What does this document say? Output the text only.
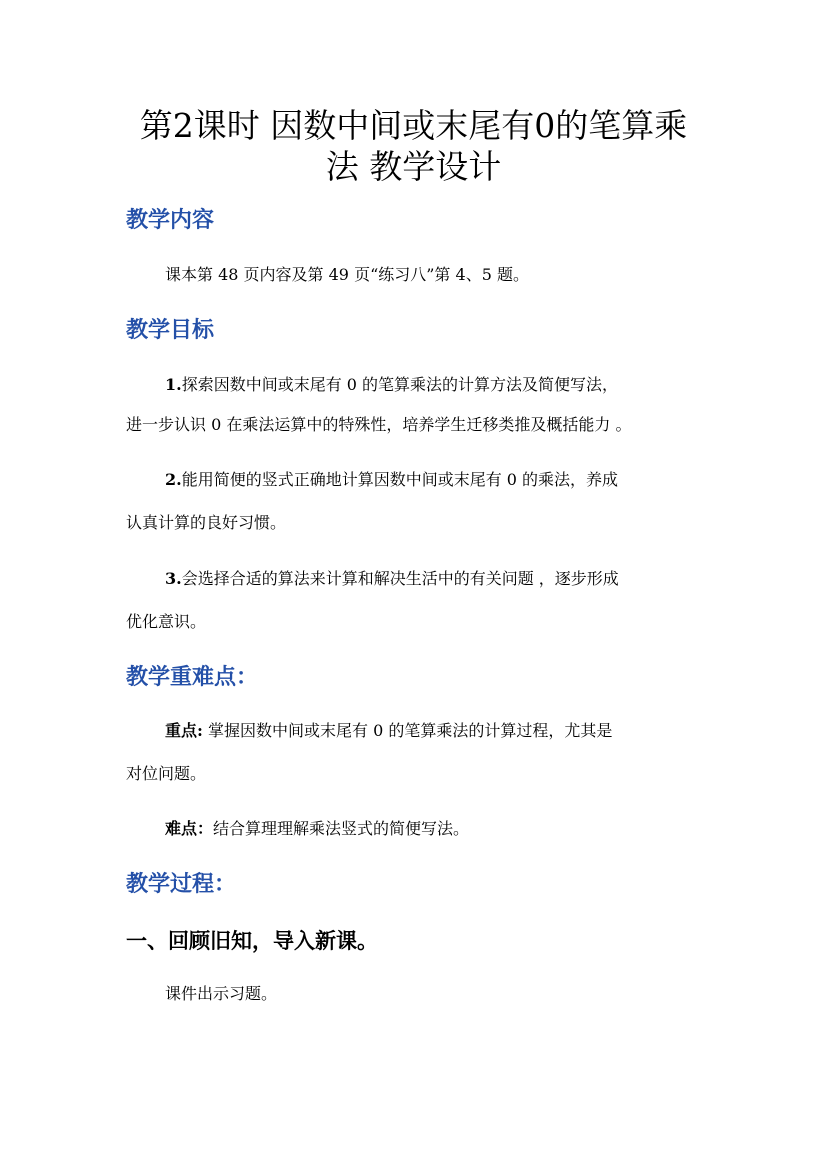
第2课时 因数中间或末尾有0的笔算乘
法 教学设计
教学内容

课本第 48 页内容及第 49 页“练习八”第 4、5 题。

教学目标

1.探索因数中间或末尾有 0 的笔算乘法的计算方法及简便写法，

进一步认识 0 在乘法运算中的特殊性，培养学生迁移类推及概括能力 。

2.能用简便的竖式正确地计算因数中间或末尾有 0 的乘法，养成

认真计算的良好习惯。

3.会选择合适的算法来计算和解决生活中的有关问题 ，逐步形成

优化意识。

教学重难点：

重点: 掌握因数中间或末尾有 0 的笔算乘法的计算过程，尤其是

对位问题。

难点：结合算理理解乘法竖式的简便写法。

教学过程：
一、回顾旧知，导入新课。

课件出示习题。
